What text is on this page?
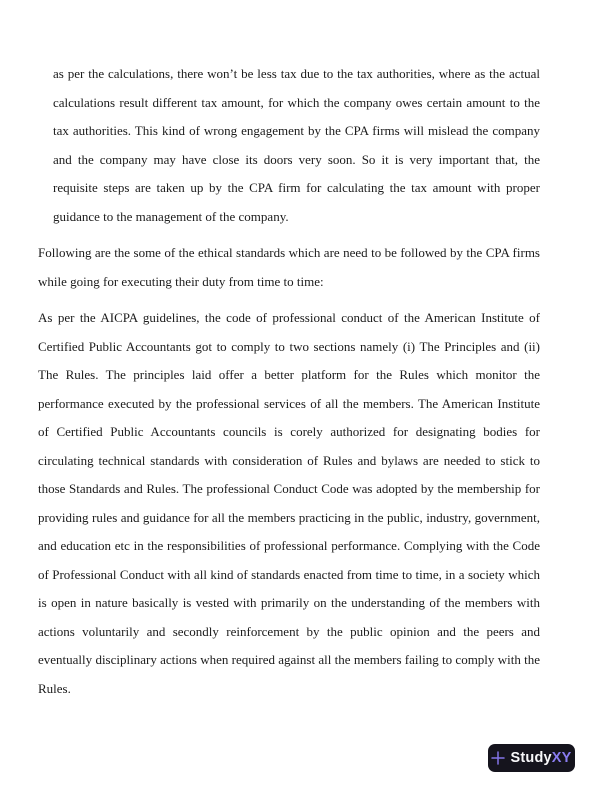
as per the calculations, there won’t be less tax due to the tax authorities, where as the actual calculations result different tax amount, for which the company owes certain amount to the tax authorities. This kind of wrong engagement by the CPA firms will mislead the company and the company may have close its doors very soon. So it is very important that, the requisite steps are taken up by the CPA firm for calculating the tax amount with proper guidance to the management of the company.

Following are the some of the ethical standards which are need to be followed by the CPA firms while going for executing their duty from time to time:

As per the AICPA guidelines, the code of professional conduct of the American Institute of Certified Public Accountants got to comply to two sections namely (i) The Principles and (ii) The Rules. The principles laid offer a better platform for the Rules which monitor the performance executed by the professional services of all the members. The American Institute of Certified Public Accountants councils is corely authorized for designating bodies for circulating technical standards with consideration of Rules and bylaws are needed to stick to those Standards and Rules. The professional Conduct Code was adopted by the membership for providing rules and guidance for all the members practicing in the public, industry, government, and education etc in the responsibilities of professional performance. Complying with the Code of Professional Conduct with all kind of standards enacted from time to time, in a society which is open in nature basically is vested with primarily on the understanding of the members with actions voluntarily and secondly reinforcement by the public opinion and the peers and eventually disciplinary actions when required against all the members failing to comply with the Rules.

StudyXY
